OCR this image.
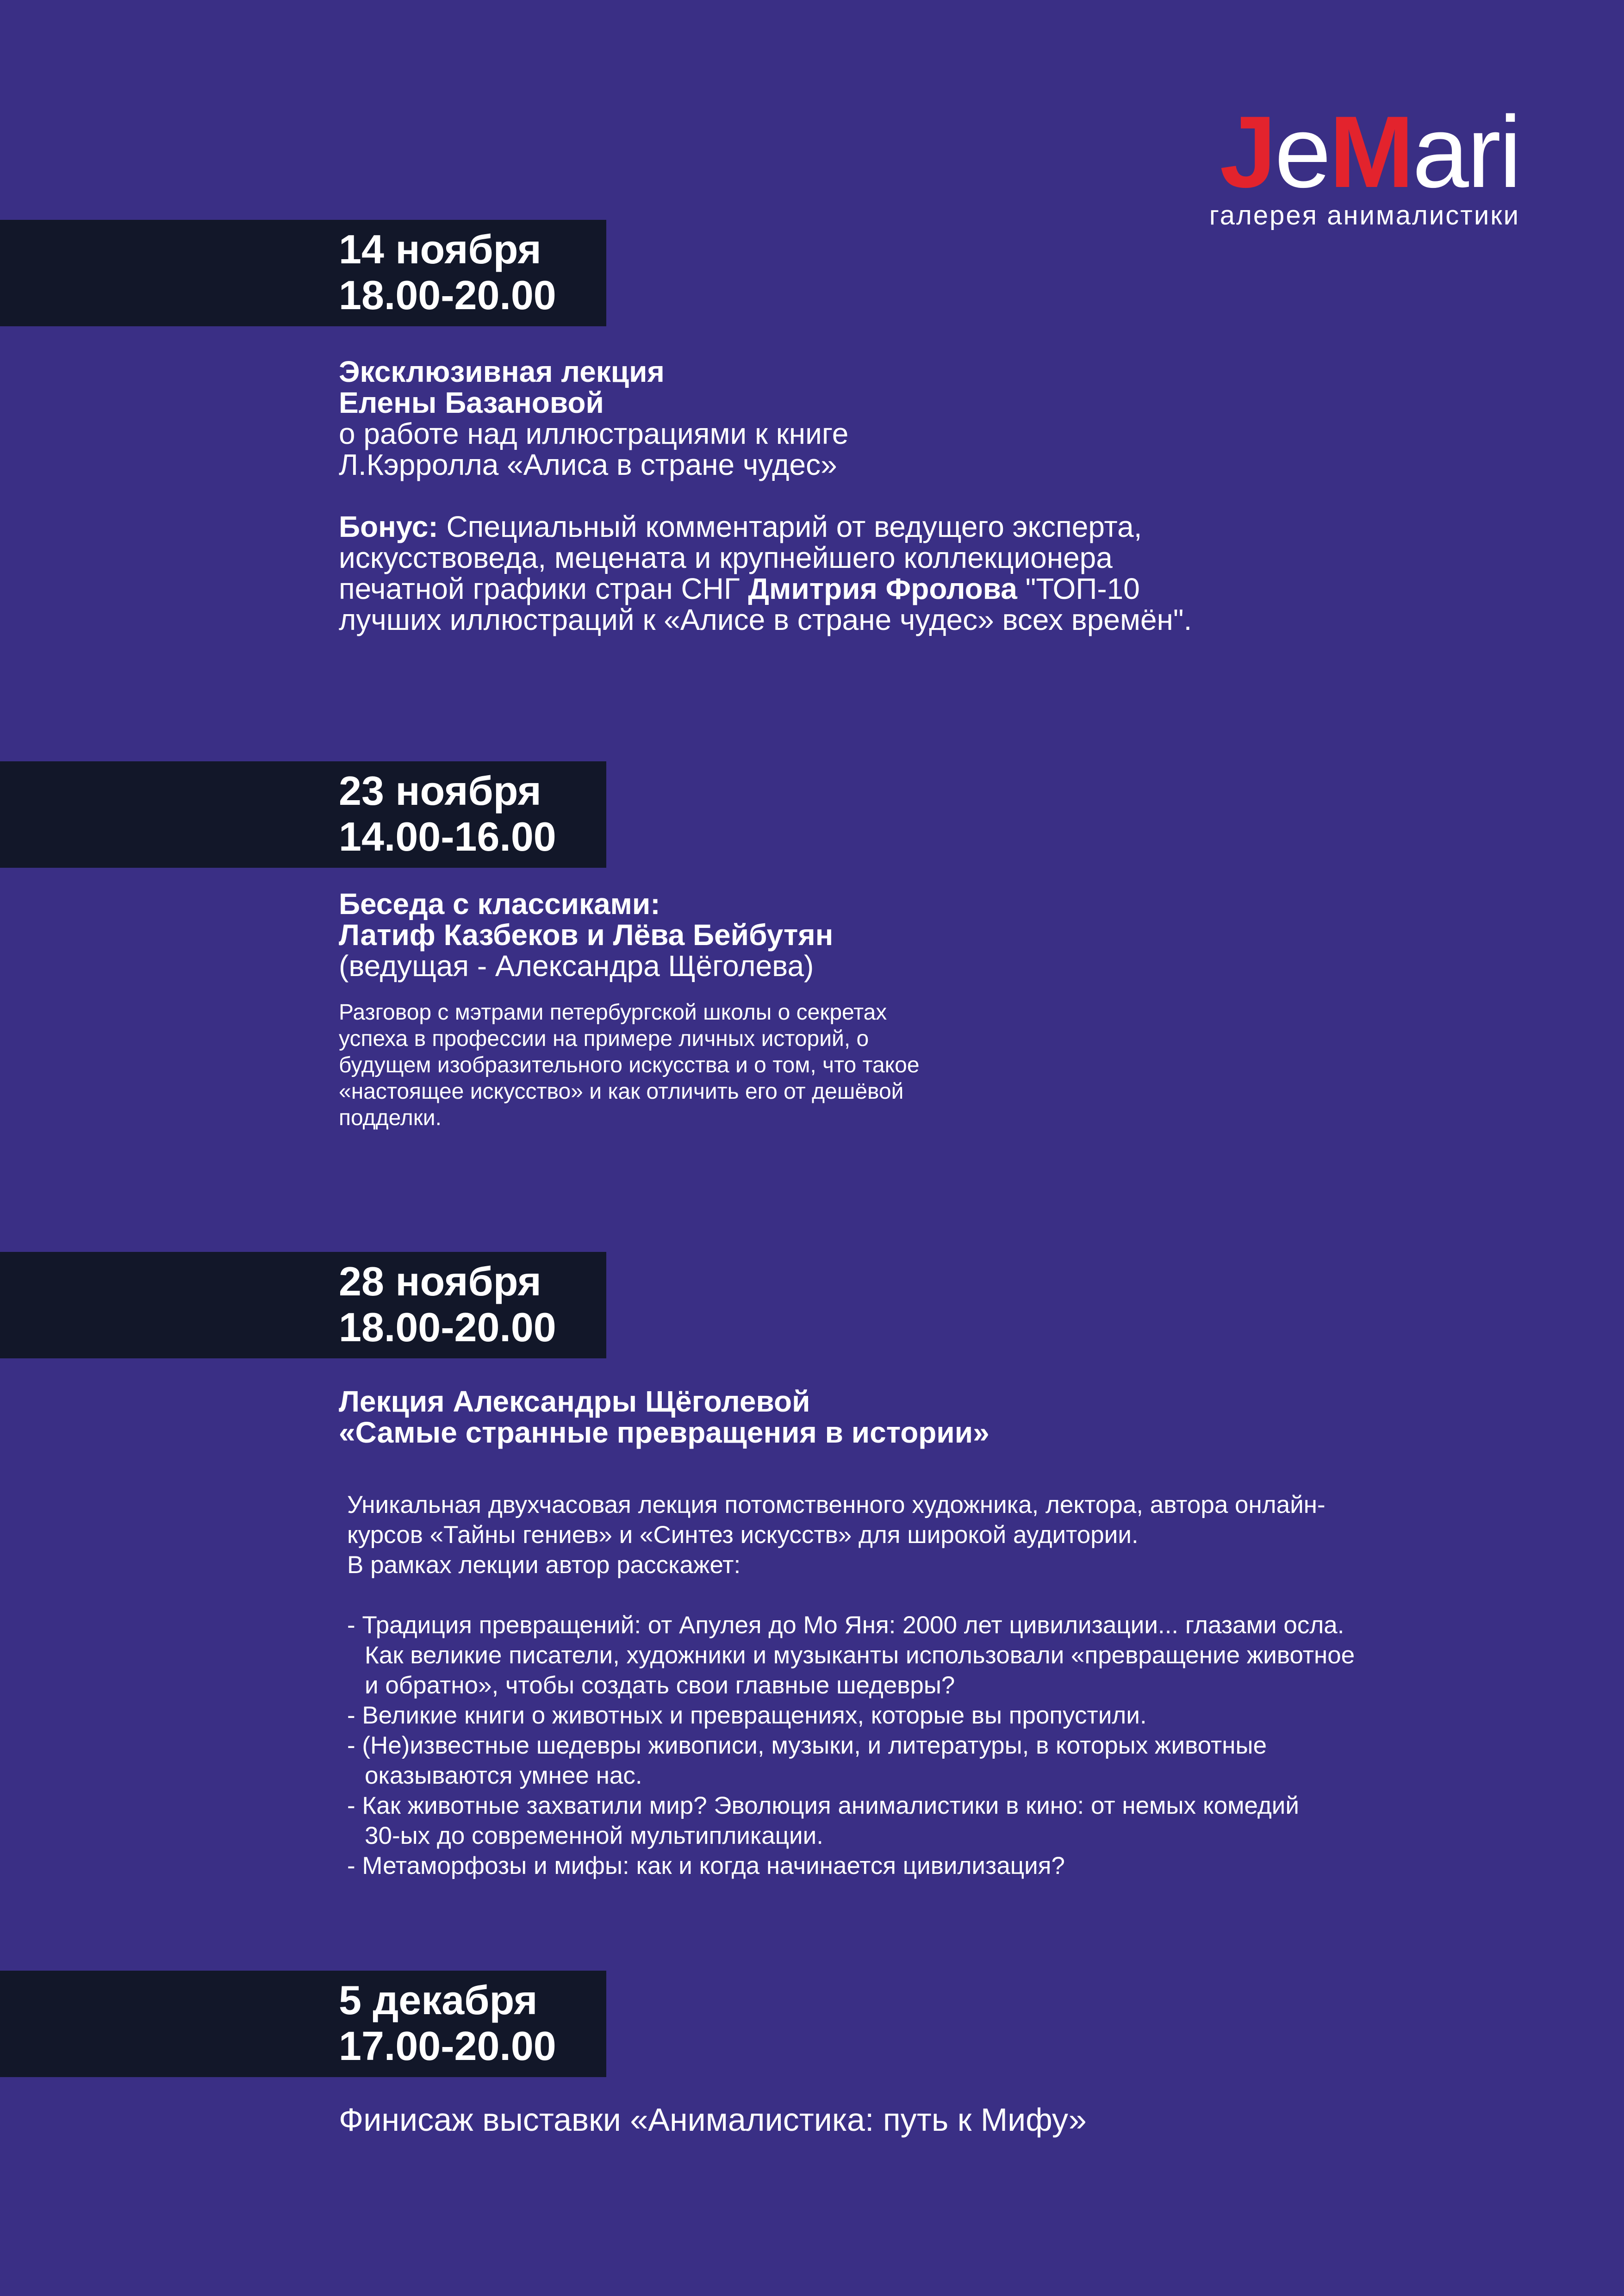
JeMari
галерея анималистики
14 ноября
18.00-20.00
Эксклюзивная лекция
Елены Базановой
о работе над иллюстрациями к книге
Л.Кэрролла «Алиса в стране чудес»
Бонус: Специальный комментарий от ведущего эксперта,
искусствоведа, мецената и крупнейшего коллекционера
печатной графики стран СНГ Дмитрия Фролова "ТОП-10
лучших иллюстраций к «Алисе в стране чудес» всех времён".
23 ноября
14.00-16.00
Беседа с классиками:
Латиф Казбеков и Лёва Бейбутян
(ведущая - Александра Щёголева)
Разговор с мэтрами петербургской школы о секретах
успеха в профессии на примере личных историй, о
будущем изобразительного искусства и о том, что такое
«настоящее искусство» и как отличить его от дешёвой
подделки.
28 ноября
18.00-20.00
Лекция Александры Щёголевой
«Самые странные превращения в истории»
Уникальная двухчасовая лекция потомственного художника, лектора, автора онлайн-
курсов «Тайны гениев» и «Синтез искусств» для широкой аудитории.
В рамках лекции автор расскажет:
- Традиция превращений: от Апулея до Мо Яня: 2000 лет цивилизации... глазами осла.
Как великие писатели, художники и музыканты использовали «превращение животное
и обратно», чтобы создать свои главные шедевры?
- Великие книги о животных и превращениях, которые вы пропустили.
- (Не)известные шедевры живописи, музыки, и литературы, в которых животные
оказываются умнее нас.
- Как животные захватили мир? Эволюция анималистики в кино: от немых комедий
30-ых до современной мультипликации.
- Метаморфозы и мифы: как и когда начинается цивилизация?
5 декабря
17.00-20.00
Финисаж выставки «Анималистика: путь к Мифу»
